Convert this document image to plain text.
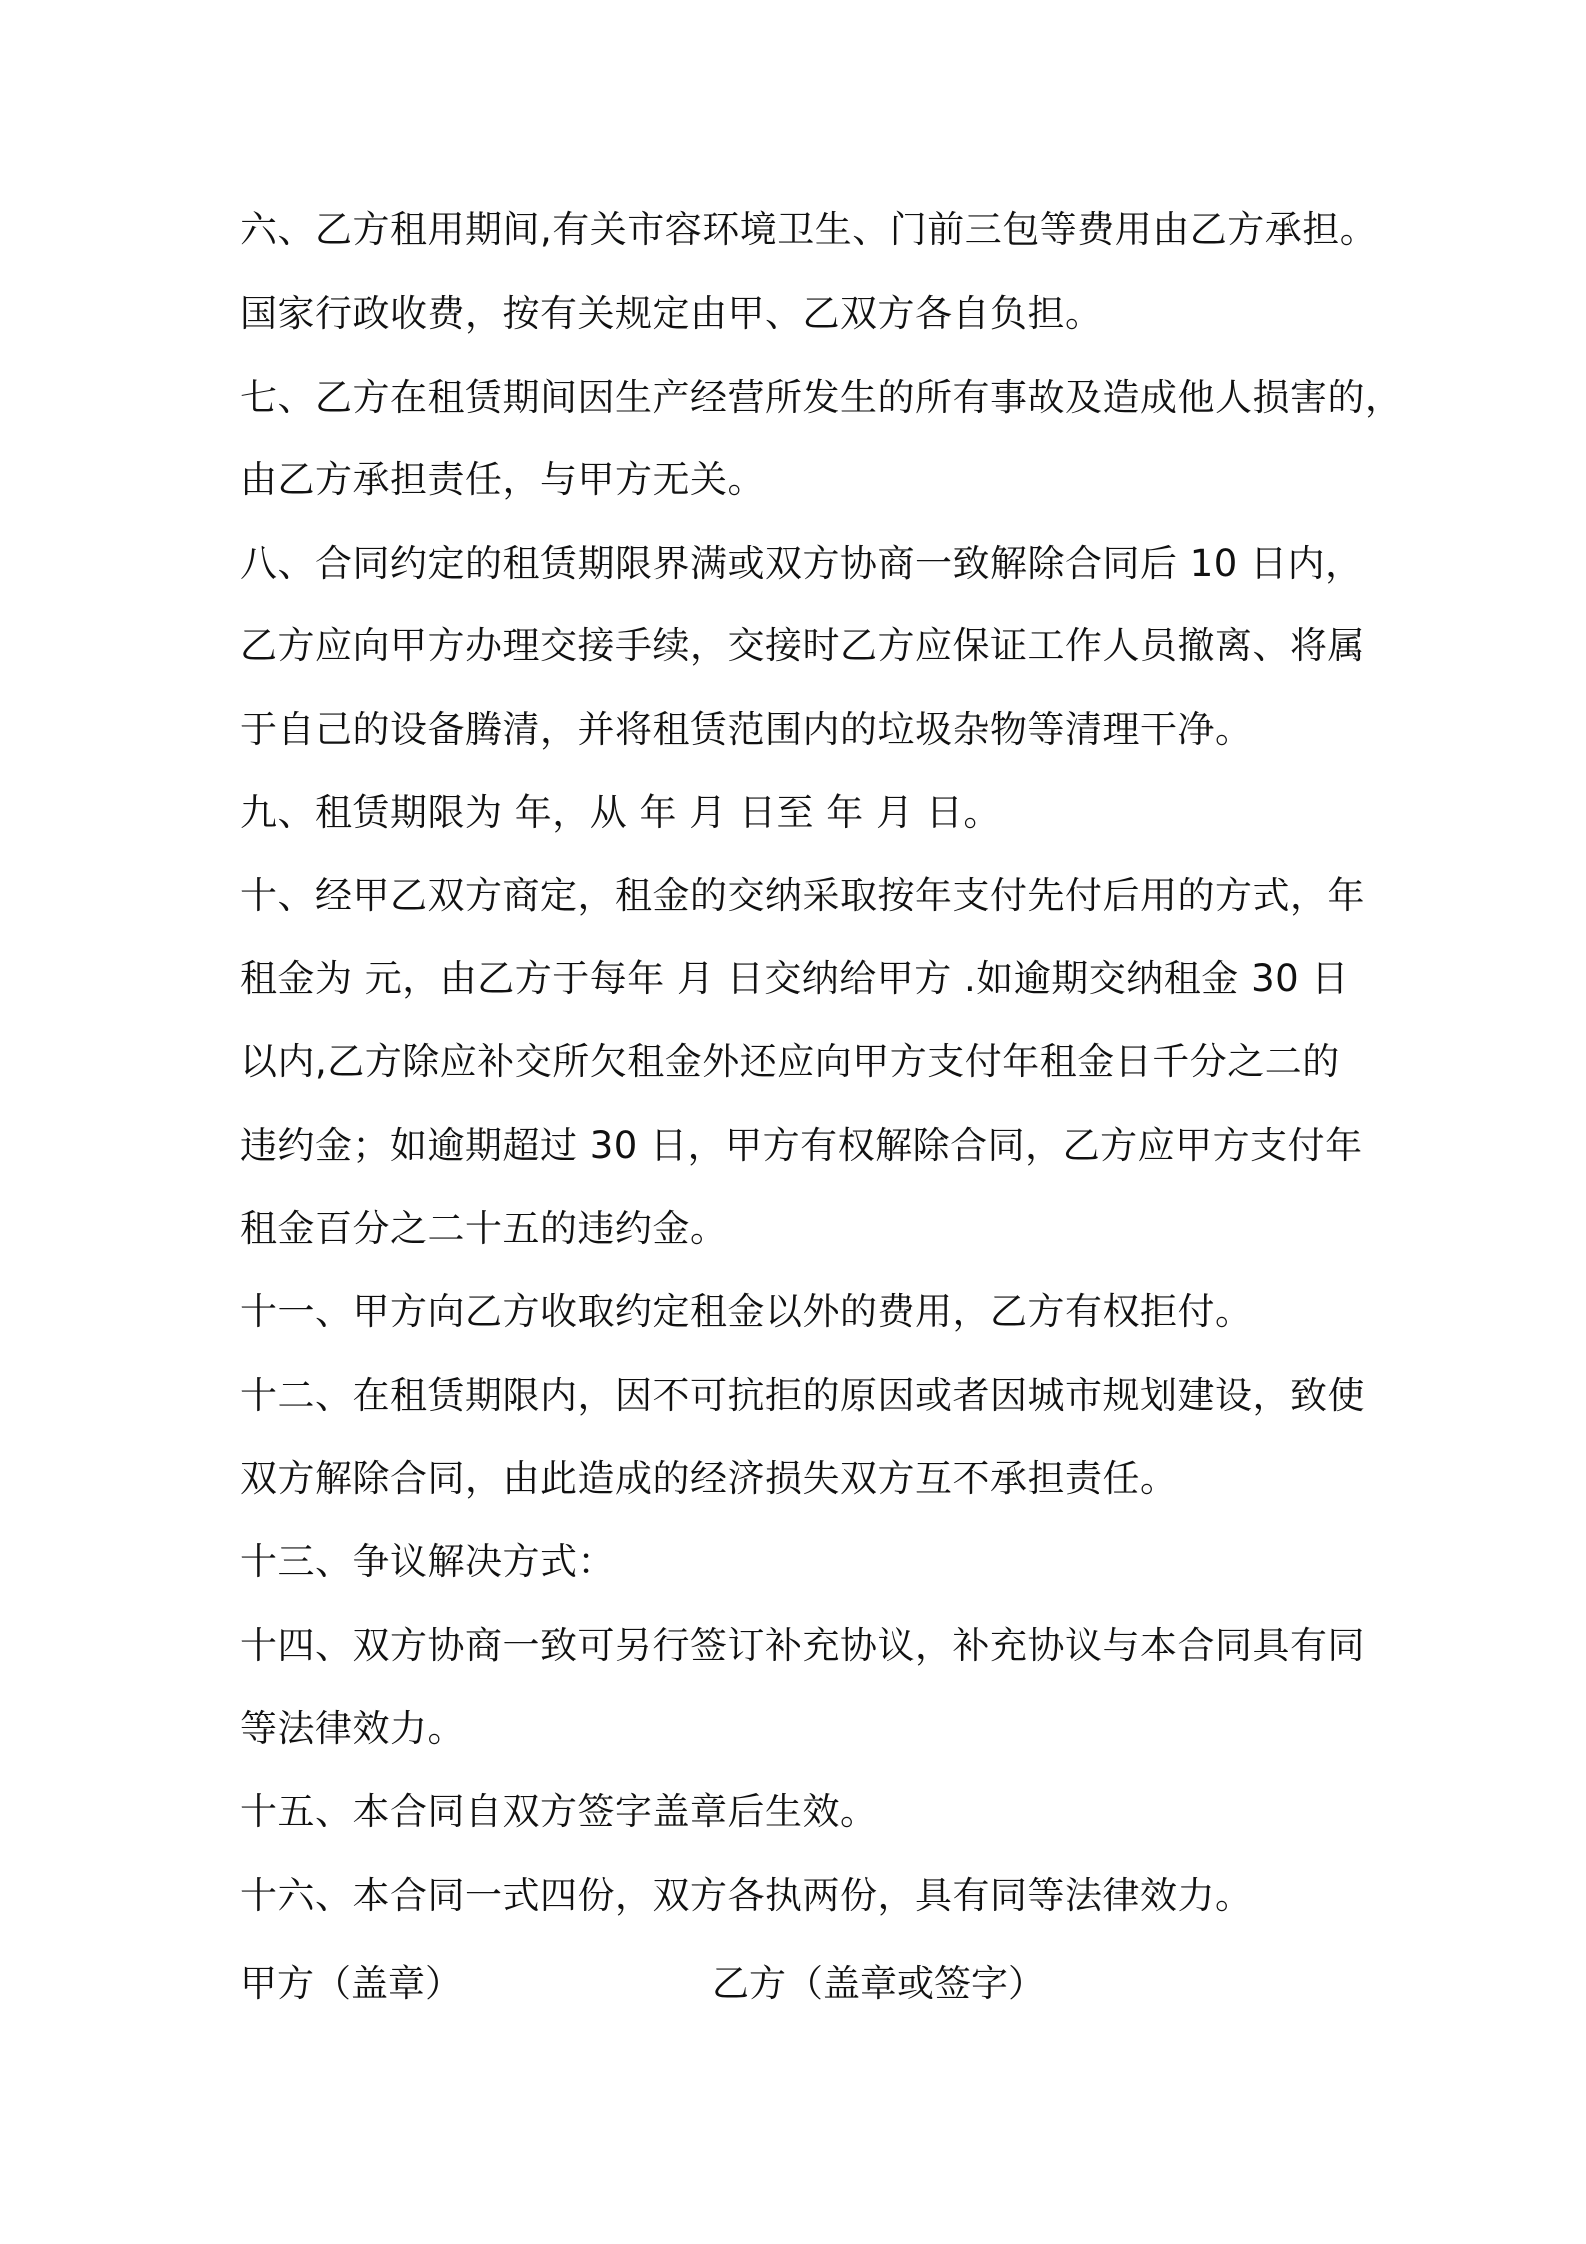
六、乙方租用期间,有关市容环境卫生、门前三包等费用由乙方承担。

国家行政收费，按有关规定由甲、乙双方各自负担。

七、乙方在租赁期间因生产经营所发生的所有事故及造成他人损害的，

由乙方承担责任，与甲方无关。

八、合同约定的租赁期限界满或双方协商一致解除合同后 10 日内，

乙方应向甲方办理交接手续，交接时乙方应保证工作人员撤离、将属

于自己的设备腾清，并将租赁范围内的垃圾杂物等清理干净。

九、租赁期限为 年，从 年 月 日至 年 月 日。

十、经甲乙双方商定，租金的交纳采取按年支付先付后用的方式，年

租金为 元，由乙方于每年 月 日交纳给甲方 .如逾期交纳租金 30 日

以内,乙方除应补交所欠租金外还应向甲方支付年租金日千分之二的

违约金；如逾期超过 30 日，甲方有权解除合同，乙方应甲方支付年

租金百分之二十五的违约金。

十一、甲方向乙方收取约定租金以外的费用，乙方有权拒付。

十二、在租赁期限内，因不可抗拒的原因或者因城市规划建设，致使

双方解除合同，由此造成的经济损失双方互不承担责任。

十三、争议解决方式：

十四、双方协商一致可另行签订补充协议，补充协议与本合同具有同

等法律效力。

十五、本合同自双方签字盖章后生效。

十六、本合同一式四份，双方各执两份，具有同等法律效力。

甲方（盖章）	乙方（盖章或签字）
